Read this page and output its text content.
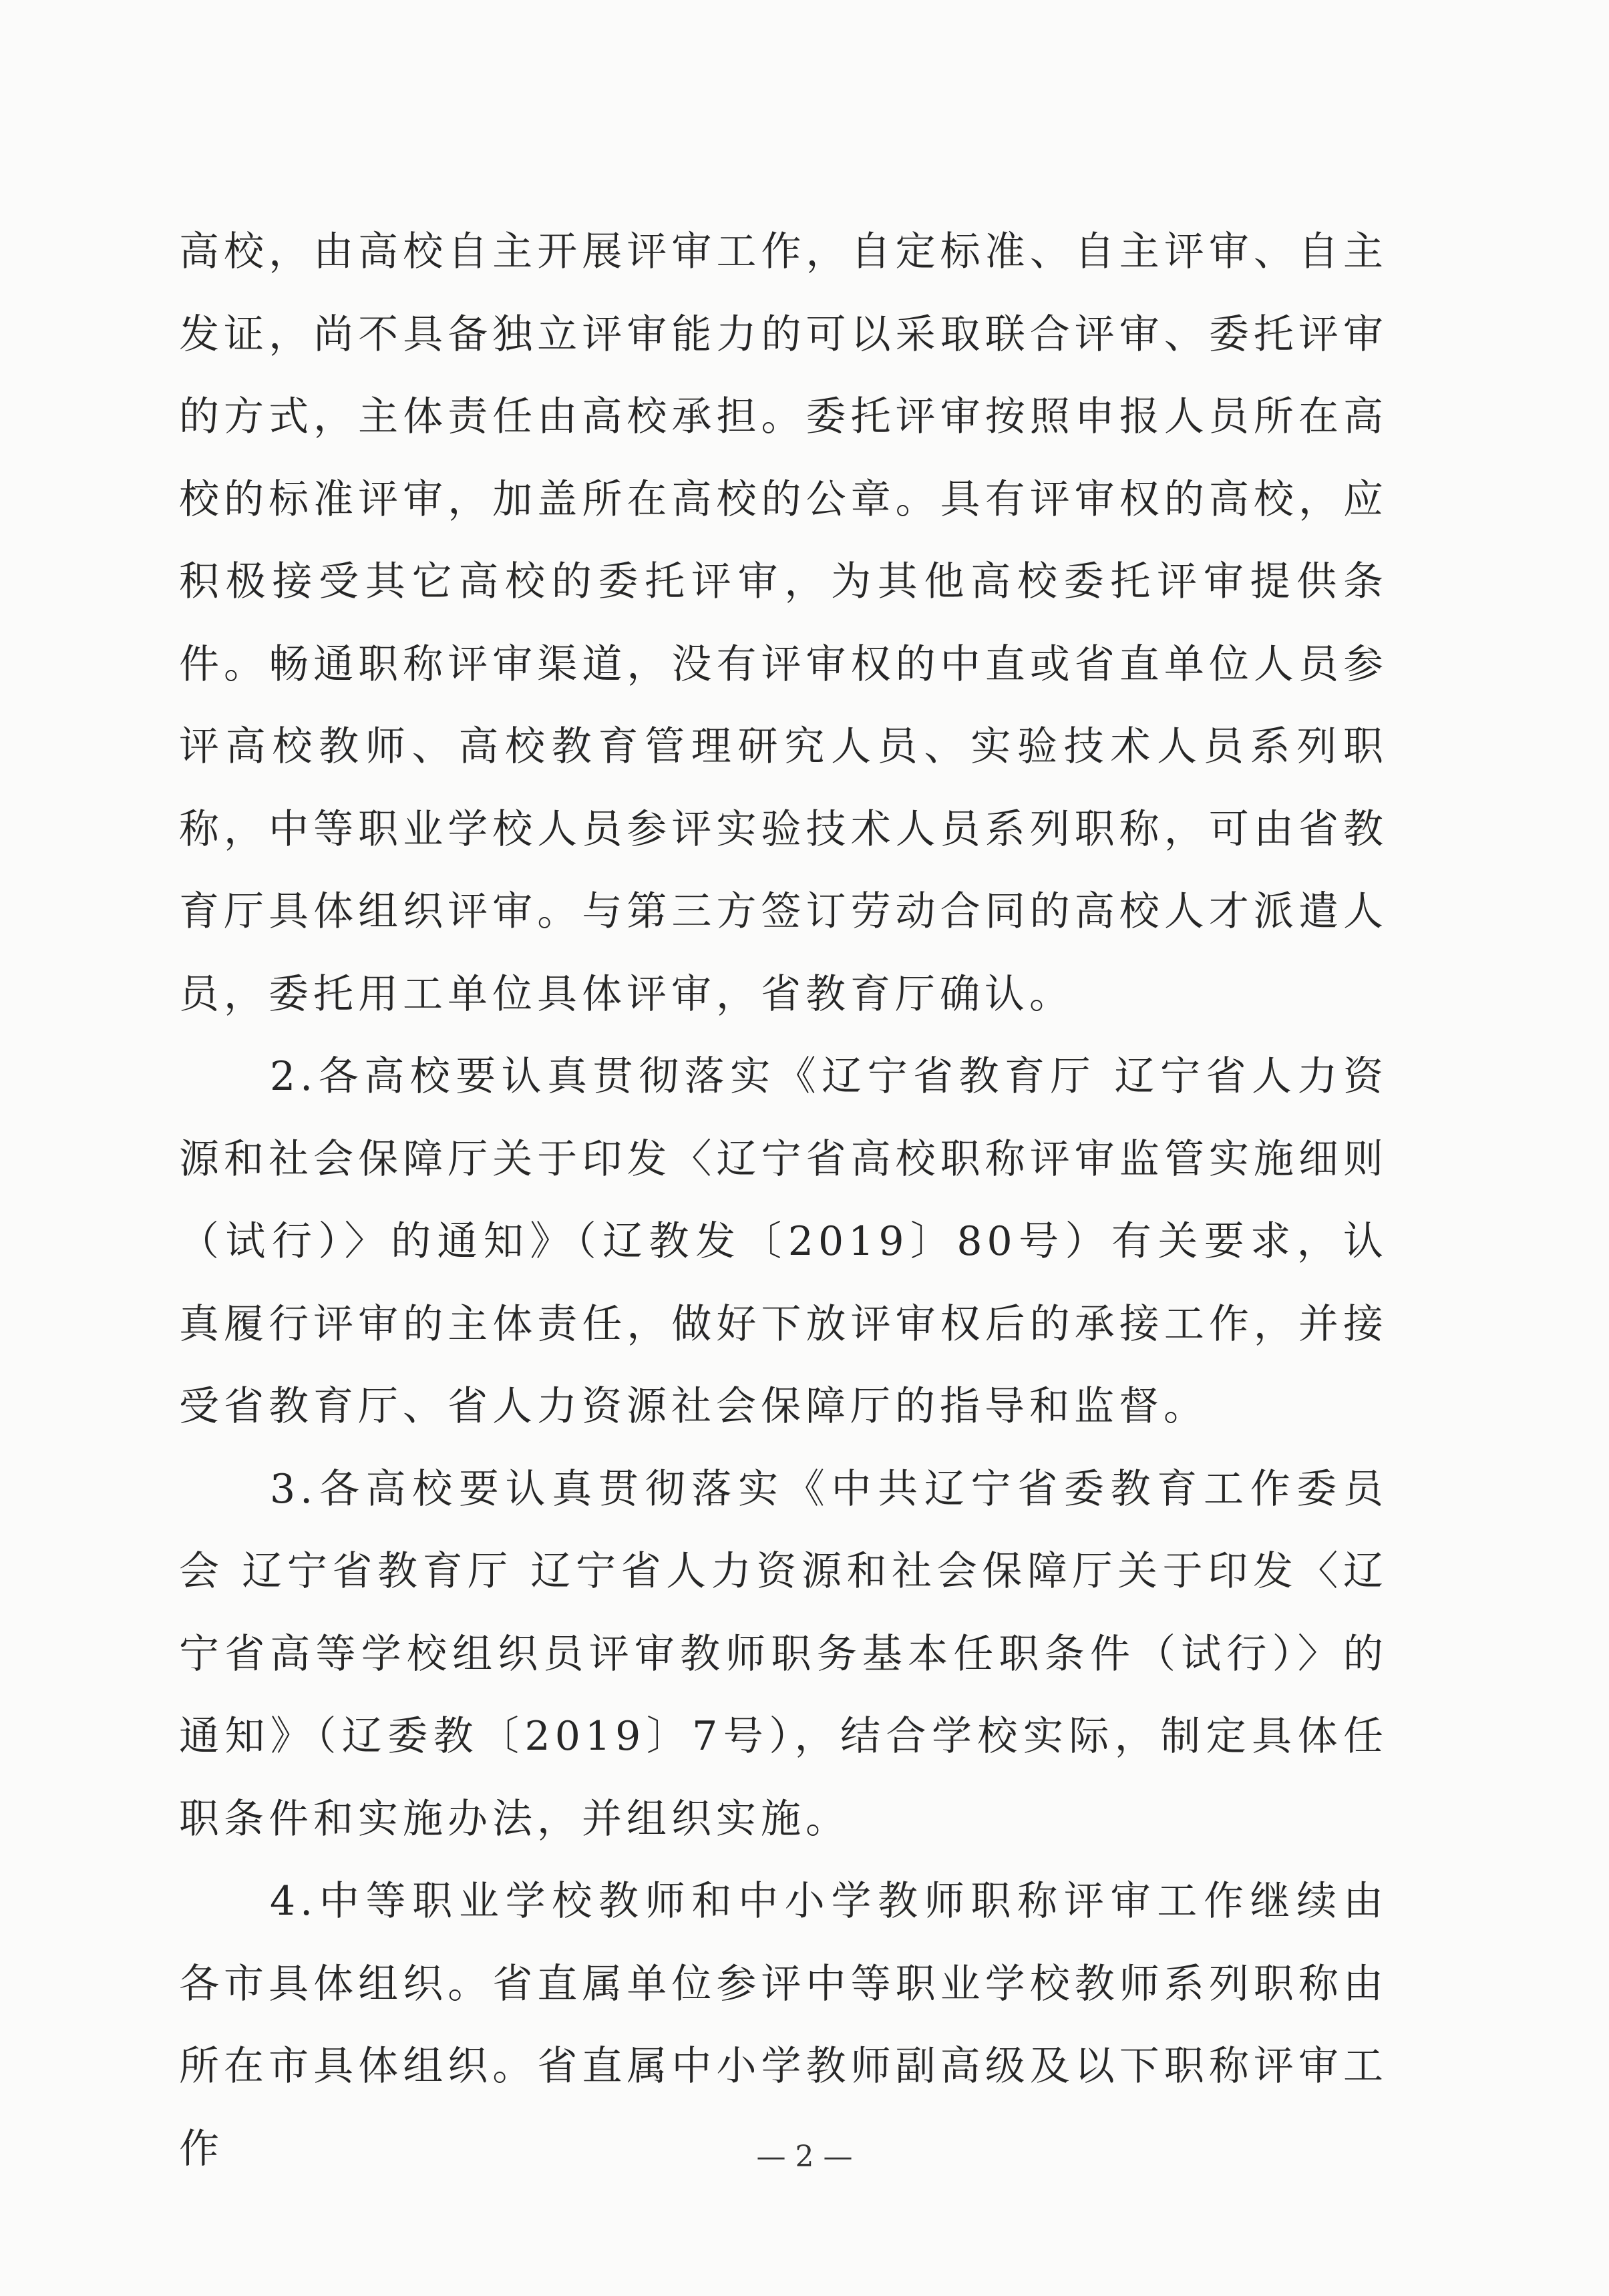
高校，由高校自主开展评审工作，自定标准、自主评审、自主发证，尚不具备独立评审能力的可以采取联合评审、委托评审的方式，主体责任由高校承担。委托评审按照申报人员所在高校的标准评审，加盖所在高校的公章。具有评审权的高校，应积极接受其它高校的委托评审，为其他高校委托评审提供条件。畅通职称评审渠道，没有评审权的中直或省直单位人员参评高校教师、高校教育管理研究人员、实验技术人员系列职称，中等职业学校人员参评实验技术人员系列职称，可由省教育厅具体组织评审。与第三方签订劳动合同的高校人才派遣人员，委托用工单位具体评审，省教育厅确认。

2.各高校要认真贯彻落实《辽宁省教育厅 辽宁省人力资源和社会保障厅关于印发〈辽宁省高校职称评审监管实施细则（试行）〉的通知》（辽教发〔2019〕80号）有关要求，认真履行评审的主体责任，做好下放评审权后的承接工作，并接受省教育厅、省人力资源社会保障厅的指导和监督。

3.各高校要认真贯彻落实《中共辽宁省委教育工作委员会 辽宁省教育厅 辽宁省人力资源和社会保障厅关于印发〈辽宁省高等学校组织员评审教师职务基本任职条件（试行）〉的通知》（辽委教〔2019〕7号），结合学校实际，制定具体任职条件和实施办法，并组织实施。

4.中等职业学校教师和中小学教师职称评审工作继续由各市具体组织。省直属单位参评中等职业学校教师系列职称由所在市具体组织。省直属中小学教师副高级及以下职称评审工作	— 2 —
